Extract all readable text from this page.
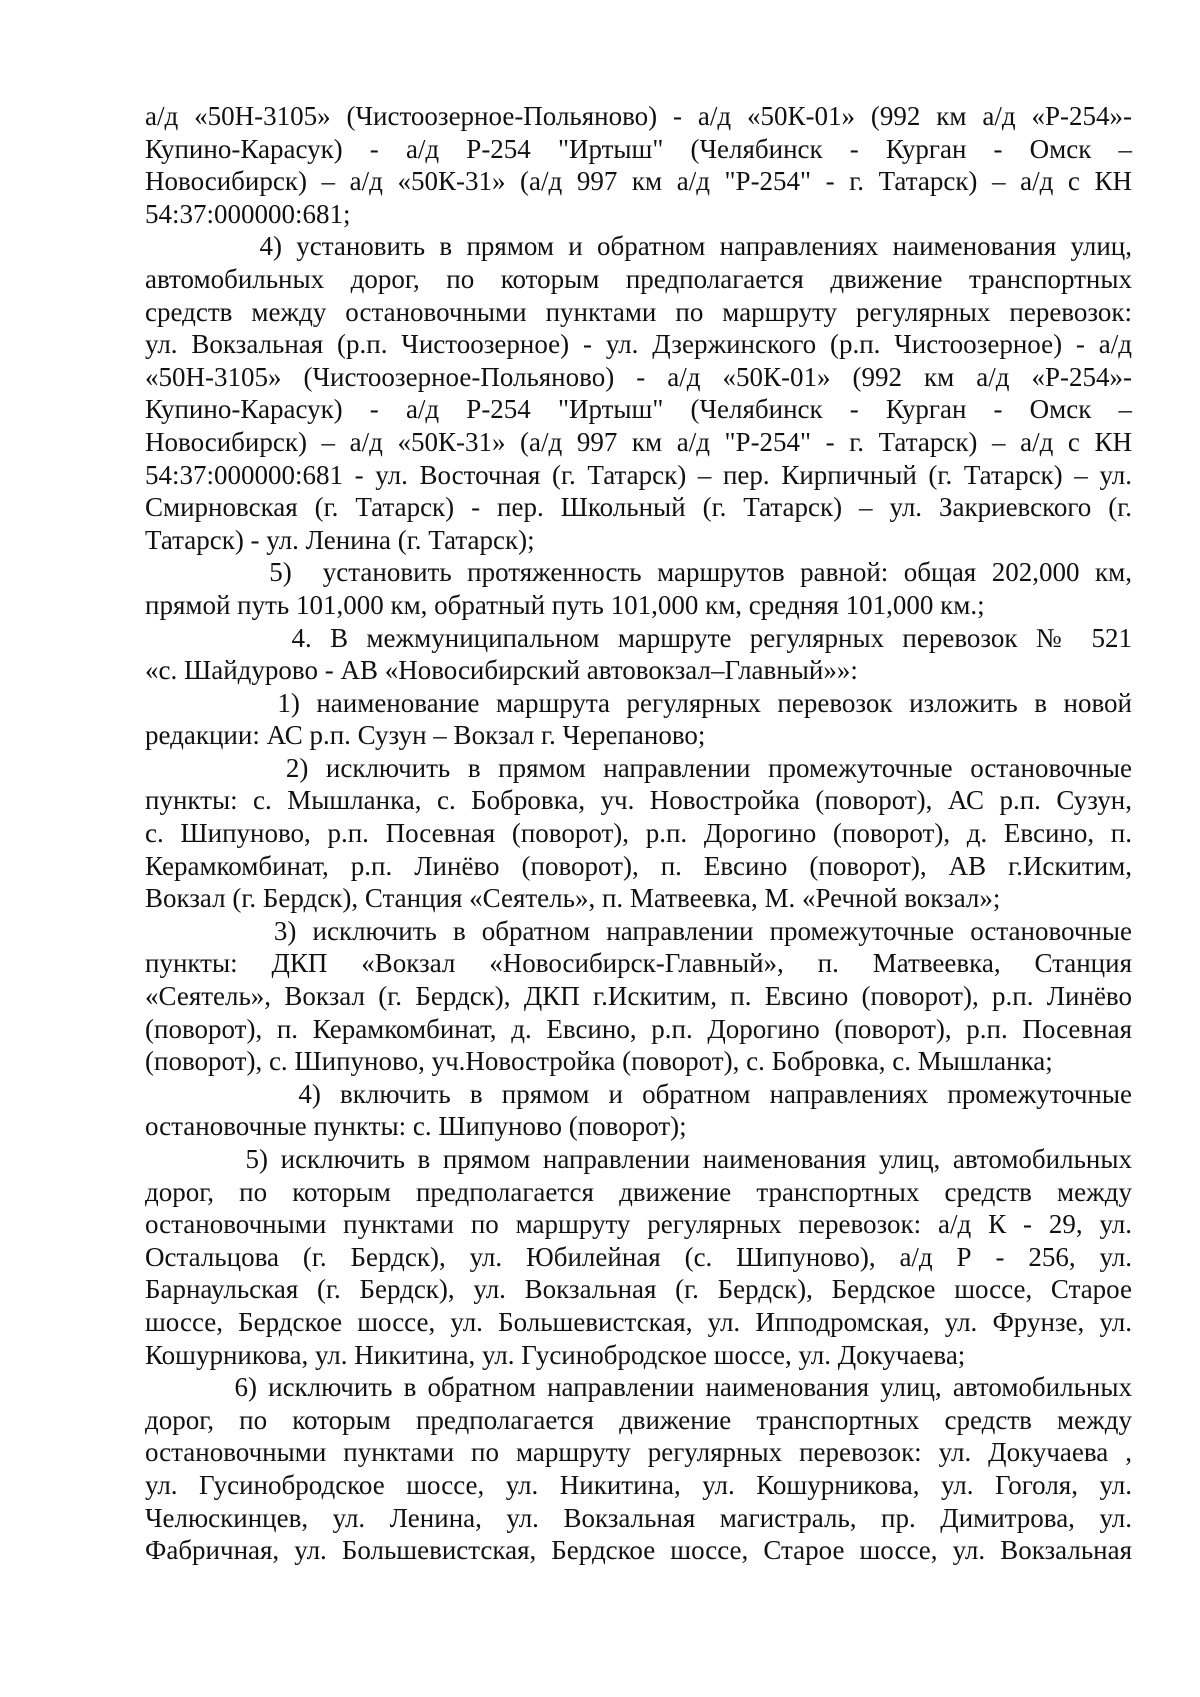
а/д «50Н-3105» (Чистоозерное-Польяново) - а/д «50К-01» (992 км а/д «Р-254»-
Купино-Карасук) - а/д Р-254 "Иртыш" (Челябинск - Курган - Омск –
Новосибирск) – а/д «50К-31» (а/д 997 км а/д "Р-254" - г. Татарск) – а/д с КН
54:37:000000:681;
4) установить в прямом и обратном направлениях наименования улиц,
автомобильных дорог, по которым предполагается движение транспортных
средств между остановочными пунктами по маршруту регулярных перевозок:
ул. Вокзальная (р.п. Чистоозерное) - ул. Дзержинского (р.п. Чистоозерное) - а/д
«50Н-3105» (Чистоозерное-Польяново) - а/д «50К-01» (992 км а/д «Р-254»-
Купино-Карасук) - а/д Р-254 "Иртыш" (Челябинск - Курган - Омск –
Новосибирск) – а/д «50К-31» (а/д 997 км а/д "Р-254" - г. Татарск) – а/д с КН
54:37:000000:681 - ул. Восточная (г. Татарск) – пер. Кирпичный (г. Татарск) – ул.
Смирновская (г. Татарск) - пер. Школьный (г. Татарск) – ул. Закриевского (г.
Татарск) - ул. Ленина (г. Татарск);
5)  установить протяженность маршрутов равной: общая 202,000 км,
прямой путь 101,000 км, обратный путь 101,000 км, средняя 101,000 км.;
4. В межмуниципальном маршруте регулярных перевозок № 521
«с. Шайдурово - АВ «Новосибирский автовокзал–Главный»»:
1) наименование маршрута регулярных перевозок изложить в новой
редакции: АС р.п. Сузун – Вокзал г. Черепаново;
2) исключить в прямом направлении промежуточные остановочные
пункты: с. Мышланка, с. Бобровка, уч. Новостройка (поворот), АС р.п. Сузун,
с. Шипуново, р.п. Посевная (поворот), р.п. Дорогино (поворот), д. Евсино, п.
Керамкомбинат, р.п. Линёво (поворот), п. Евсино (поворот), АВ г.Искитим,
Вокзал (г. Бердск), Станция «Сеятель», п. Матвеевка, М. «Речной вокзал»;
3) исключить в обратном направлении промежуточные остановочные
пункты: ДКП «Вокзал «Новосибирск-Главный», п. Матвеевка, Станция
«Сеятель», Вокзал (г. Бердск), ДКП г.Искитим, п. Евсино (поворот), р.п. Линёво
(поворот), п. Керамкомбинат, д. Евсино, р.п. Дорогино (поворот), р.п. Посевная
(поворот), с. Шипуново, уч.Новостройка (поворот), с. Бобровка, с. Мышланка;
4) включить в прямом и обратном направлениях промежуточные
остановочные пункты: с. Шипуново (поворот);
5) исключить в прямом направлении наименования улиц, автомобильных
дорог, по которым предполагается движение транспортных средств между
остановочными пунктами по маршруту регулярных перевозок: а/д К - 29, ул.
Остальцова (г. Бердск), ул. Юбилейная (с. Шипуново), а/д Р - 256, ул.
Барнаульская (г. Бердск), ул. Вокзальная (г. Бердск), Бердское шоссе, Старое
шоссе, Бердское шоссе, ул. Большевистская, ул. Ипподромская, ул. Фрунзе, ул.
Кошурникова, ул. Никитина, ул. Гусинобродское шоссе, ул. Докучаева;
6) исключить в обратном направлении наименования улиц, автомобильных
дорог, по которым предполагается движение транспортных средств между
остановочными пунктами по маршруту регулярных перевозок: ул. Докучаева ,
ул. Гусинобродское шоссе, ул. Никитина, ул. Кошурникова, ул. Гоголя, ул.
Челюскинцев, ул. Ленина, ул. Вокзальная магистраль, пр. Димитрова, ул.
Фабричная, ул. Большевистская, Бердское шоссе, Старое шоссе, ул. Вокзальная
